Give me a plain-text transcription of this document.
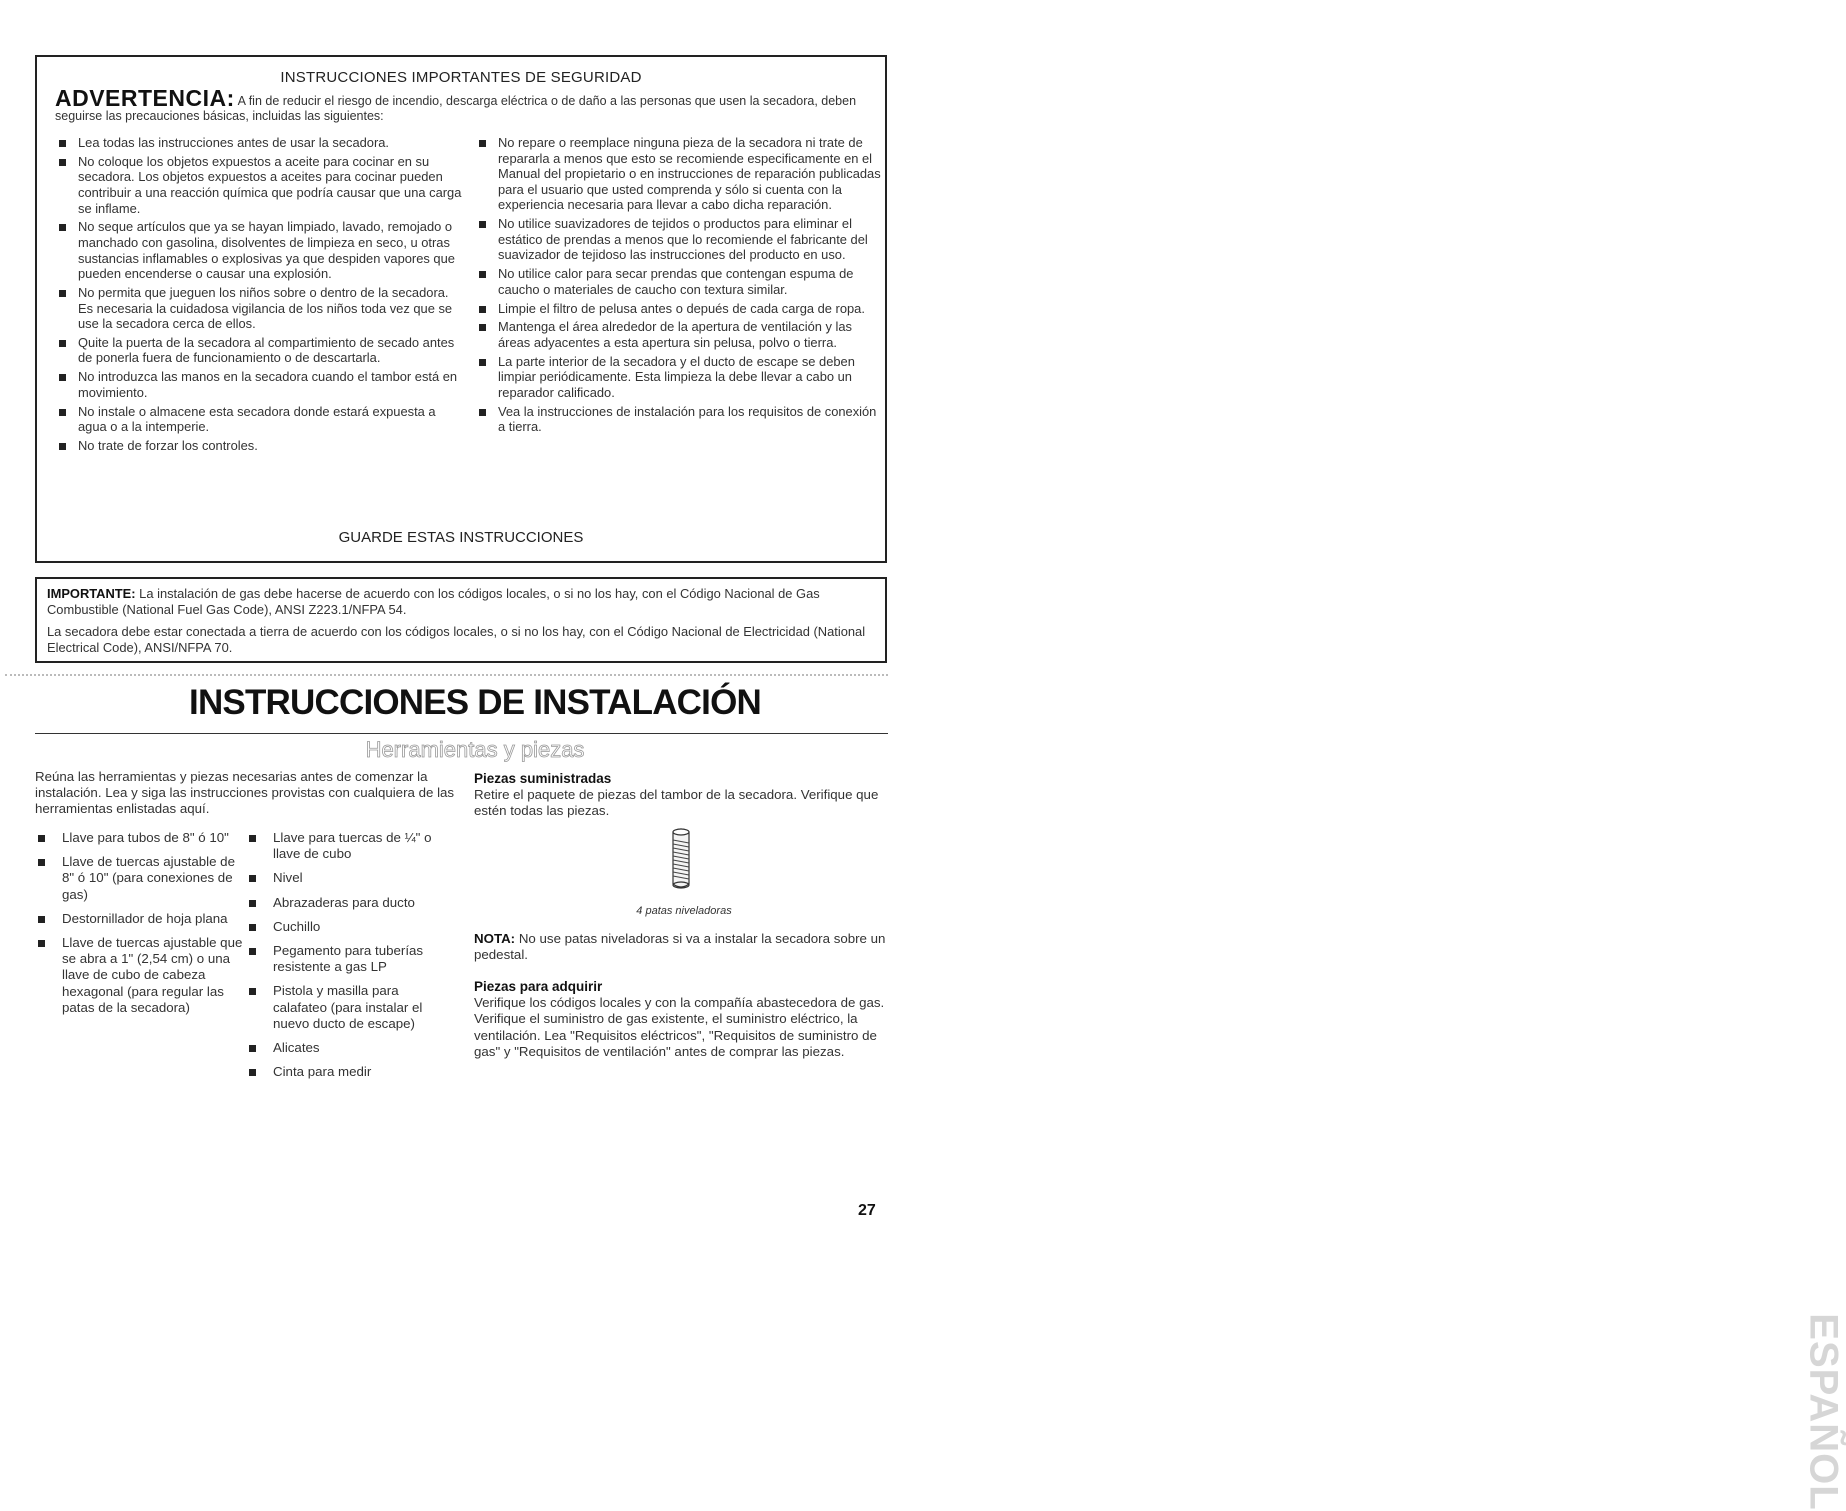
INSTRUCCIONES IMPORTANTES DE SEGURIDAD
ADVERTENCIA: A fin de reducir el riesgo de incendio, descarga eléctrica o de daño a las personas que usen la secadora, deben seguirse las precauciones básicas, incluidas las siguientes:
Lea todas las instrucciones antes de usar la secadora.
No coloque los objetos expuestos a aceite para cocinar en su secadora. Los objetos expuestos a aceites para cocinar pueden contribuir a una reacción química que podría causar que una carga se inflame.
No seque artículos que ya se hayan limpiado, lavado, remojado o manchado con gasolina, disolventes de limpieza en seco, u otras sustancias inflamables o explosivas ya que despiden vapores que pueden encenderse o causar una explosión.
No permita que jueguen los niños sobre o dentro de la secadora. Es necesaria la cuidadosa vigilancia de los niños toda vez que se use la secadora cerca de ellos.
Quite la puerta de la secadora al compartimiento de secado antes de ponerla fuera de funcionamiento o de descartarla.
No introduzca las manos en la secadora cuando el tambor está en movimiento.
No instale o almacene esta secadora donde estará expuesta a agua o a la intemperie.
No trate de forzar los controles.
No repare o reemplace ninguna pieza de la secadora ni trate de repararla a menos que esto se recomiende especificamente en el Manual del propietario o en instrucciones de reparación publicadas para el usuario que usted comprenda y sólo si cuenta con la experiencia necesaria para llevar a cabo dicha reparación.
No utilice suavizadores de tejidos o productos para eliminar el estático de prendas a menos que lo recomiende el fabricante del suavizador de tejidoso las instrucciones del producto en uso.
No utilice calor para secar prendas que contengan espuma de caucho o materiales de caucho con textura similar.
Limpie el filtro de pelusa antes o depués de cada carga de ropa.
Mantenga el área alrededor de la apertura de ventilación y las áreas adyacentes a esta apertura sin pelusa, polvo o tierra.
La parte interior de la secadora y el ducto de escape se deben limpiar periódicamente. Esta limpieza la debe llevar a cabo un reparador calificado.
Vea la instrucciones de instalación para los requisitos de conexión a tierra.
GUARDE ESTAS INSTRUCCIONES

IMPORTANTE: La instalación de gas debe hacerse de acuerdo con los códigos locales, o si no los hay, con el Código Nacional de Gas Combustible (National Fuel Gas Code), ANSI Z223.1/NFPA 54.

La secadora debe estar conectada a tierra de acuerdo con los códigos locales, o si no los hay, con el Código Nacional de Electricidad (National Electrical Code), ANSI/NFPA 70.

INSTRUCCIONES DE INSTALACIÓN
Herramientas y piezas
Reúna las herramientas y piezas necesarias antes de comenzar la instalación. Lea y siga las instrucciones provistas con cualquiera de las herramientas enlistadas aquí.
Llave para tubos de 8" ó 10"
Llave de tuercas ajustable de 8" ó 10" (para conexiones de gas)
Destornillador de hoja plana
Llave de tuercas ajustable que se abra a 1" (2,54 cm) o una llave de cubo de cabeza hexagonal (para regular las patas de la secadora)
Llave para tuercas de ¼" o llave de cubo
Nivel
Abrazaderas para ducto
Cuchillo
Pegamento para tuberías resistente a gas LP
Pistola y masilla para calafateo (para instalar el nuevo ducto de escape)
Alicates
Cinta para medir
Piezas suministradas

Retire el paquete de piezas del tambor de la secadora. Verifique que estén todas las piezas.

4 patas niveladoras

NOTA: No use patas niveladoras si va a instalar la secadora sobre un pedestal.

Piezas para adquirir

Verifique los códigos locales y con la compañía abastecedora de gas. Verifique el suministro de gas existente, el suministro eléctrico, la ventilación. Lea "Requisitos eléctricos", "Requisitos de suministro de gas" y "Requisitos de ventilación" antes de comprar las piezas.

ESPAÑOL
27
